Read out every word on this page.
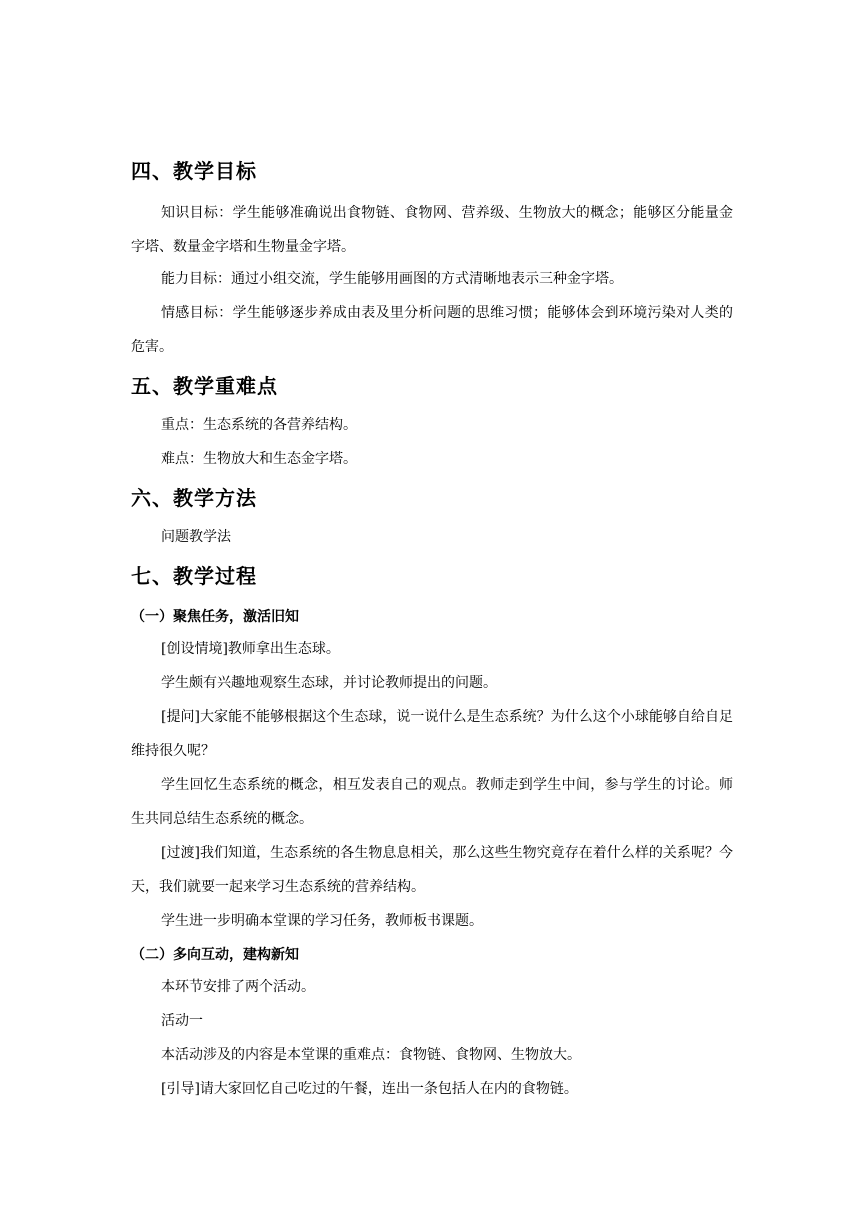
四、教学目标
知识目标：学生能够准确说出食物链、食物网、营养级、生物放大的概念；能够区分能量金字塔、数量金字塔和生物量金字塔。
能力目标：通过小组交流，学生能够用画图的方式清晰地表示三种金字塔。
情感目标：学生能够逐步养成由表及里分析问题的思维习惯；能够体会到环境污染对人类的危害。
五、教学重难点
重点：生态系统的各营养结构。
难点：生物放大和生态金字塔。
六、教学方法
问题教学法
七、教学过程
（一）聚焦任务，激活旧知
[创设情境]教师拿出生态球。
学生颇有兴趣地观察生态球，并讨论教师提出的问题。
[提问]大家能不能够根据这个生态球，说一说什么是生态系统？为什么这个小球能够自给自足维持很久呢？
学生回忆生态系统的概念，相互发表自己的观点。教师走到学生中间，参与学生的讨论。师生共同总结生态系统的概念。
[过渡]我们知道，生态系统的各生物息息相关，那么这些生物究竟存在着什么样的关系呢？今天，我们就要一起来学习生态系统的营养结构。
学生进一步明确本堂课的学习任务，教师板书课题。
（二）多向互动，建构新知
本环节安排了两个活动。
活动一
本活动涉及的内容是本堂课的重难点：食物链、食物网、生物放大。
[引导]请大家回忆自己吃过的午餐，连出一条包括人在内的食物链。
